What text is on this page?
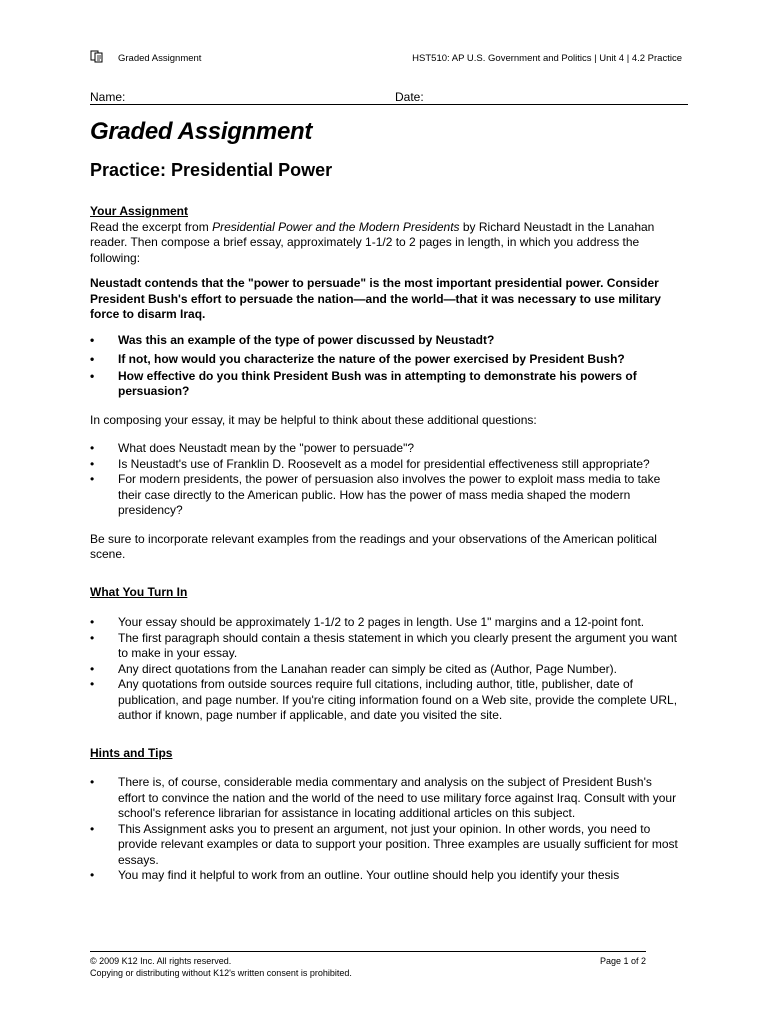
Graded Assignment	HST510: AP U.S. Government and Politics | Unit 4 | 4.2 Practice
Name:	Date:
Graded Assignment
Practice: Presidential Power

Your Assignment

Read the excerpt from Presidential Power and the Modern Presidents by Richard Neustadt in the Lanahan reader. Then compose a brief essay, approximately 1-1/2 to 2 pages in length, in which you address the following:

Neustadt contends that the "power to persuade" is the most important presidential power. Consider President Bush's effort to persuade the nation—and the world—that it was necessary to use military force to disarm Iraq.

• Was this an example of the type of power discussed by Neustadt?
• If not, how would you characterize the nature of the power exercised by President Bush?
• How effective do you think President Bush was in attempting to demonstrate his powers of persuasion?

In composing your essay, it may be helpful to think about these additional questions:

• What does Neustadt mean by the "power to persuade"?
• Is Neustadt's use of Franklin D. Roosevelt as a model for presidential effectiveness still appropriate?
• For modern presidents, the power of persuasion also involves the power to exploit mass media to take their case directly to the American public. How has the power of mass media shaped the modern presidency?

Be sure to incorporate relevant examples from the readings and your observations of the American political scene.

What You Turn In

• Your essay should be approximately 1-1/2 to 2 pages in length. Use 1" margins and a 12-point font.
• The first paragraph should contain a thesis statement in which you clearly present the argument you want to make in your essay.
• Any direct quotations from the Lanahan reader can simply be cited as (Author, Page Number).
• Any quotations from outside sources require full citations, including author, title, publisher, date of publication, and page number. If you're citing information found on a Web site, provide the complete URL, author if known, page number if applicable, and date you visited the site.

Hints and Tips

• There is, of course, considerable media commentary and analysis on the subject of President Bush's effort to convince the nation and the world of the need to use military force against Iraq. Consult with your school's reference librarian for assistance in locating additional articles on this subject.
• This Assignment asks you to present an argument, not just your opinion. In other words, you need to provide relevant examples or data to support your position. Three examples are usually sufficient for most essays.
• You may find it helpful to work from an outline. Your outline should help you identify your thesis
© 2009 K12 Inc. All rights reserved.
Copying or distributing without K12's written consent is prohibited.
Page 1 of 2
